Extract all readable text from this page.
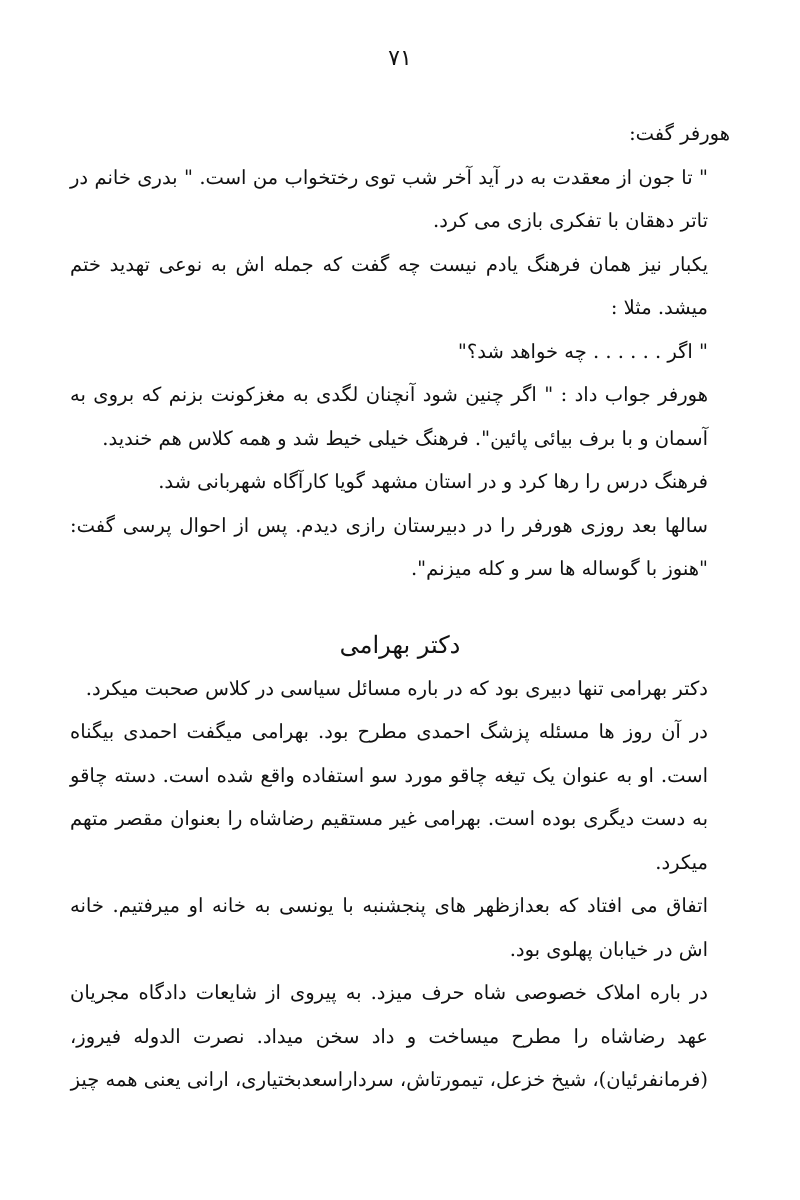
۷۱

هورفر گفت:

" تا جون از معقدت به در آید آخر شب توی رختخواب من است. " بدری خانم در تاتر دهقان با تفکری بازی می کرد.

یکبار نیز همان فرهنگ یادم نیست چه گفت که جمله اش به نوعی تهدید ختم میشد. مثلا :

" اگر . . . . . . چه خواهد شد؟"

هورفر جواب داد : " اگر چنین شود آنچنان لگدی به مغزکونت بزنم که بروی به آسمان و با برف بیائی پائین". فرهنگ خیلی خیط شد و همه کلاس هم خندید.

فرهنگ درس را رها کرد و در استان مشهد گویا کارآگاه شهربانی شد.

سالها بعد روزی هورفر را در دبیرستان رازی دیدم. پس از احوال پرسی گفت: "هنوز با گوساله ها سر و کله میزنم".

دکتر بهرامی

دکتر بهرامی تنها دبیری بود که در باره مسائل سیاسی در کلاس صحبت میکرد.

در آن روز ها مسئله پزشگ احمدی مطرح بود. بهرامی میگفت احمدی بیگناه است. او به عنوان یک تیغه چاقو مورد سو استفاده واقع شده است. دسته چاقو به دست دیگری بوده است. بهرامی غیر مستقیم رضاشاه را بعنوان مقصر متهم میکرد.

اتفاق می افتاد که بعدازظهر های پنجشنبه با یونسی به خانه او میرفتیم. خانه اش در خیابان پهلوی بود.

در باره املاک خصوصی شاه حرف میزد. به پیروی از شایعات دادگاه مجریان عهد رضاشاه را مطرح میساخت و داد سخن میداد. نصرت الدوله فیروز، (فرمانفرئیان)، شیخ خزعل، تیمورتاش، سرداراسعدبختیاری، ارانی یعنی همه چیز
